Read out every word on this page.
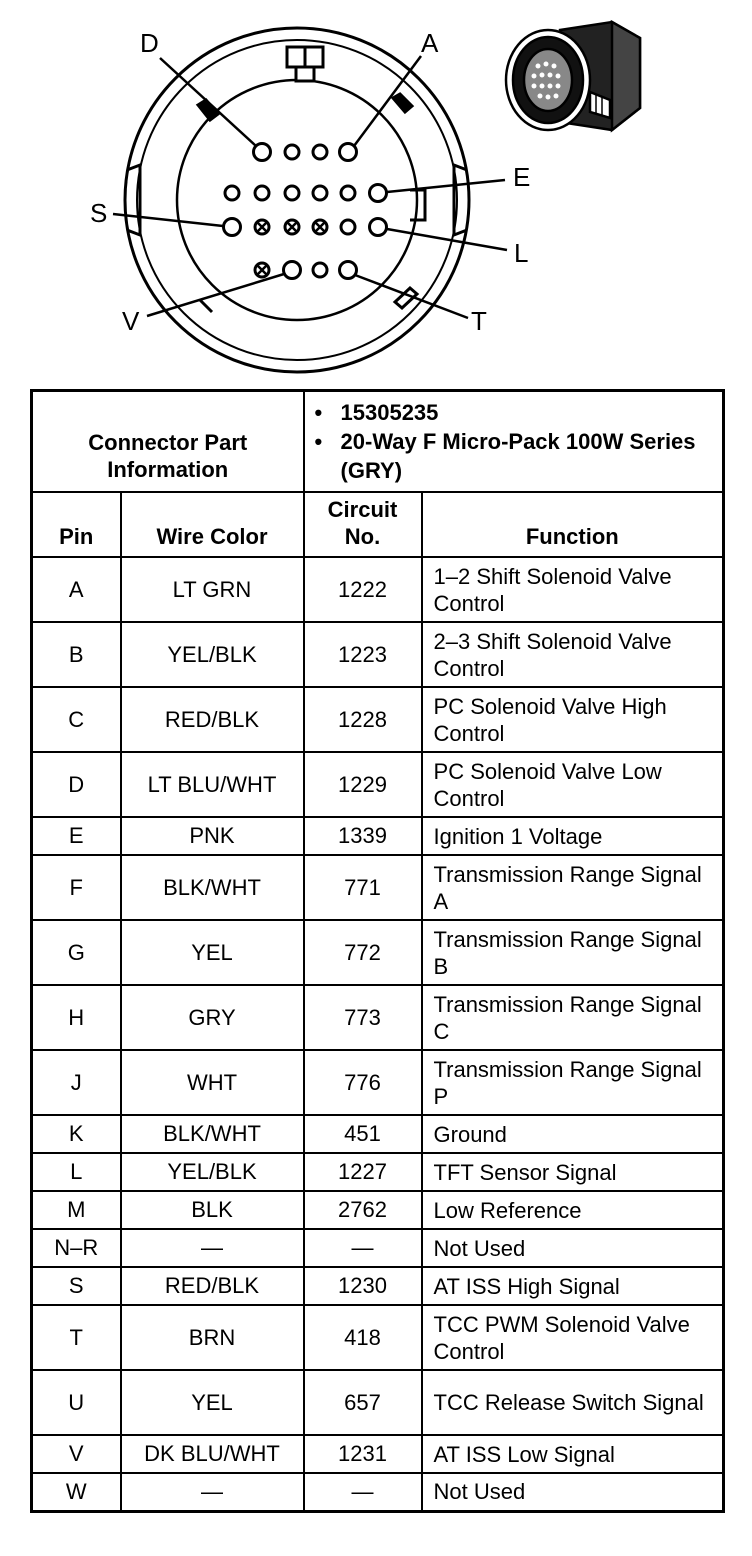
D	A
E
S
L
V	T
Connector Part Information		• 15305235
• 20-Way F Micro-Pack 100W Series (GRY)	

Pin	Wire Color	Circuit No.	Function
A	LT GRN	1222	1–2 Shift Solenoid Valve Control
B	YEL/BLK	1223	2–3 Shift Solenoid Valve Control
C	RED/BLK	1228	PC Solenoid Valve High Control
D	LT BLU/WHT	1229	PC Solenoid Valve Low Control
E	PNK	1339	Ignition 1 Voltage
F	BLK/WHT	771	Transmission Range Signal A
G	YEL	772	Transmission Range Signal B
H	GRY	773	Transmission Range Signal C
J	WHT	776	Transmission Range Signal P
K	BLK/WHT	451	Ground
L	YEL/BLK	1227	TFT Sensor Signal
M	BLK	2762	Low Reference
N–R	—	—	Not Used
S	RED/BLK	1230	AT ISS High Signal
T	BRN	418	TCC PWM Solenoid Valve Control
U	YEL	657	TCC Release Switch Signal
V	DK BLU/WHT	1231	AT ISS Low Signal
W	—	—	Not Used
